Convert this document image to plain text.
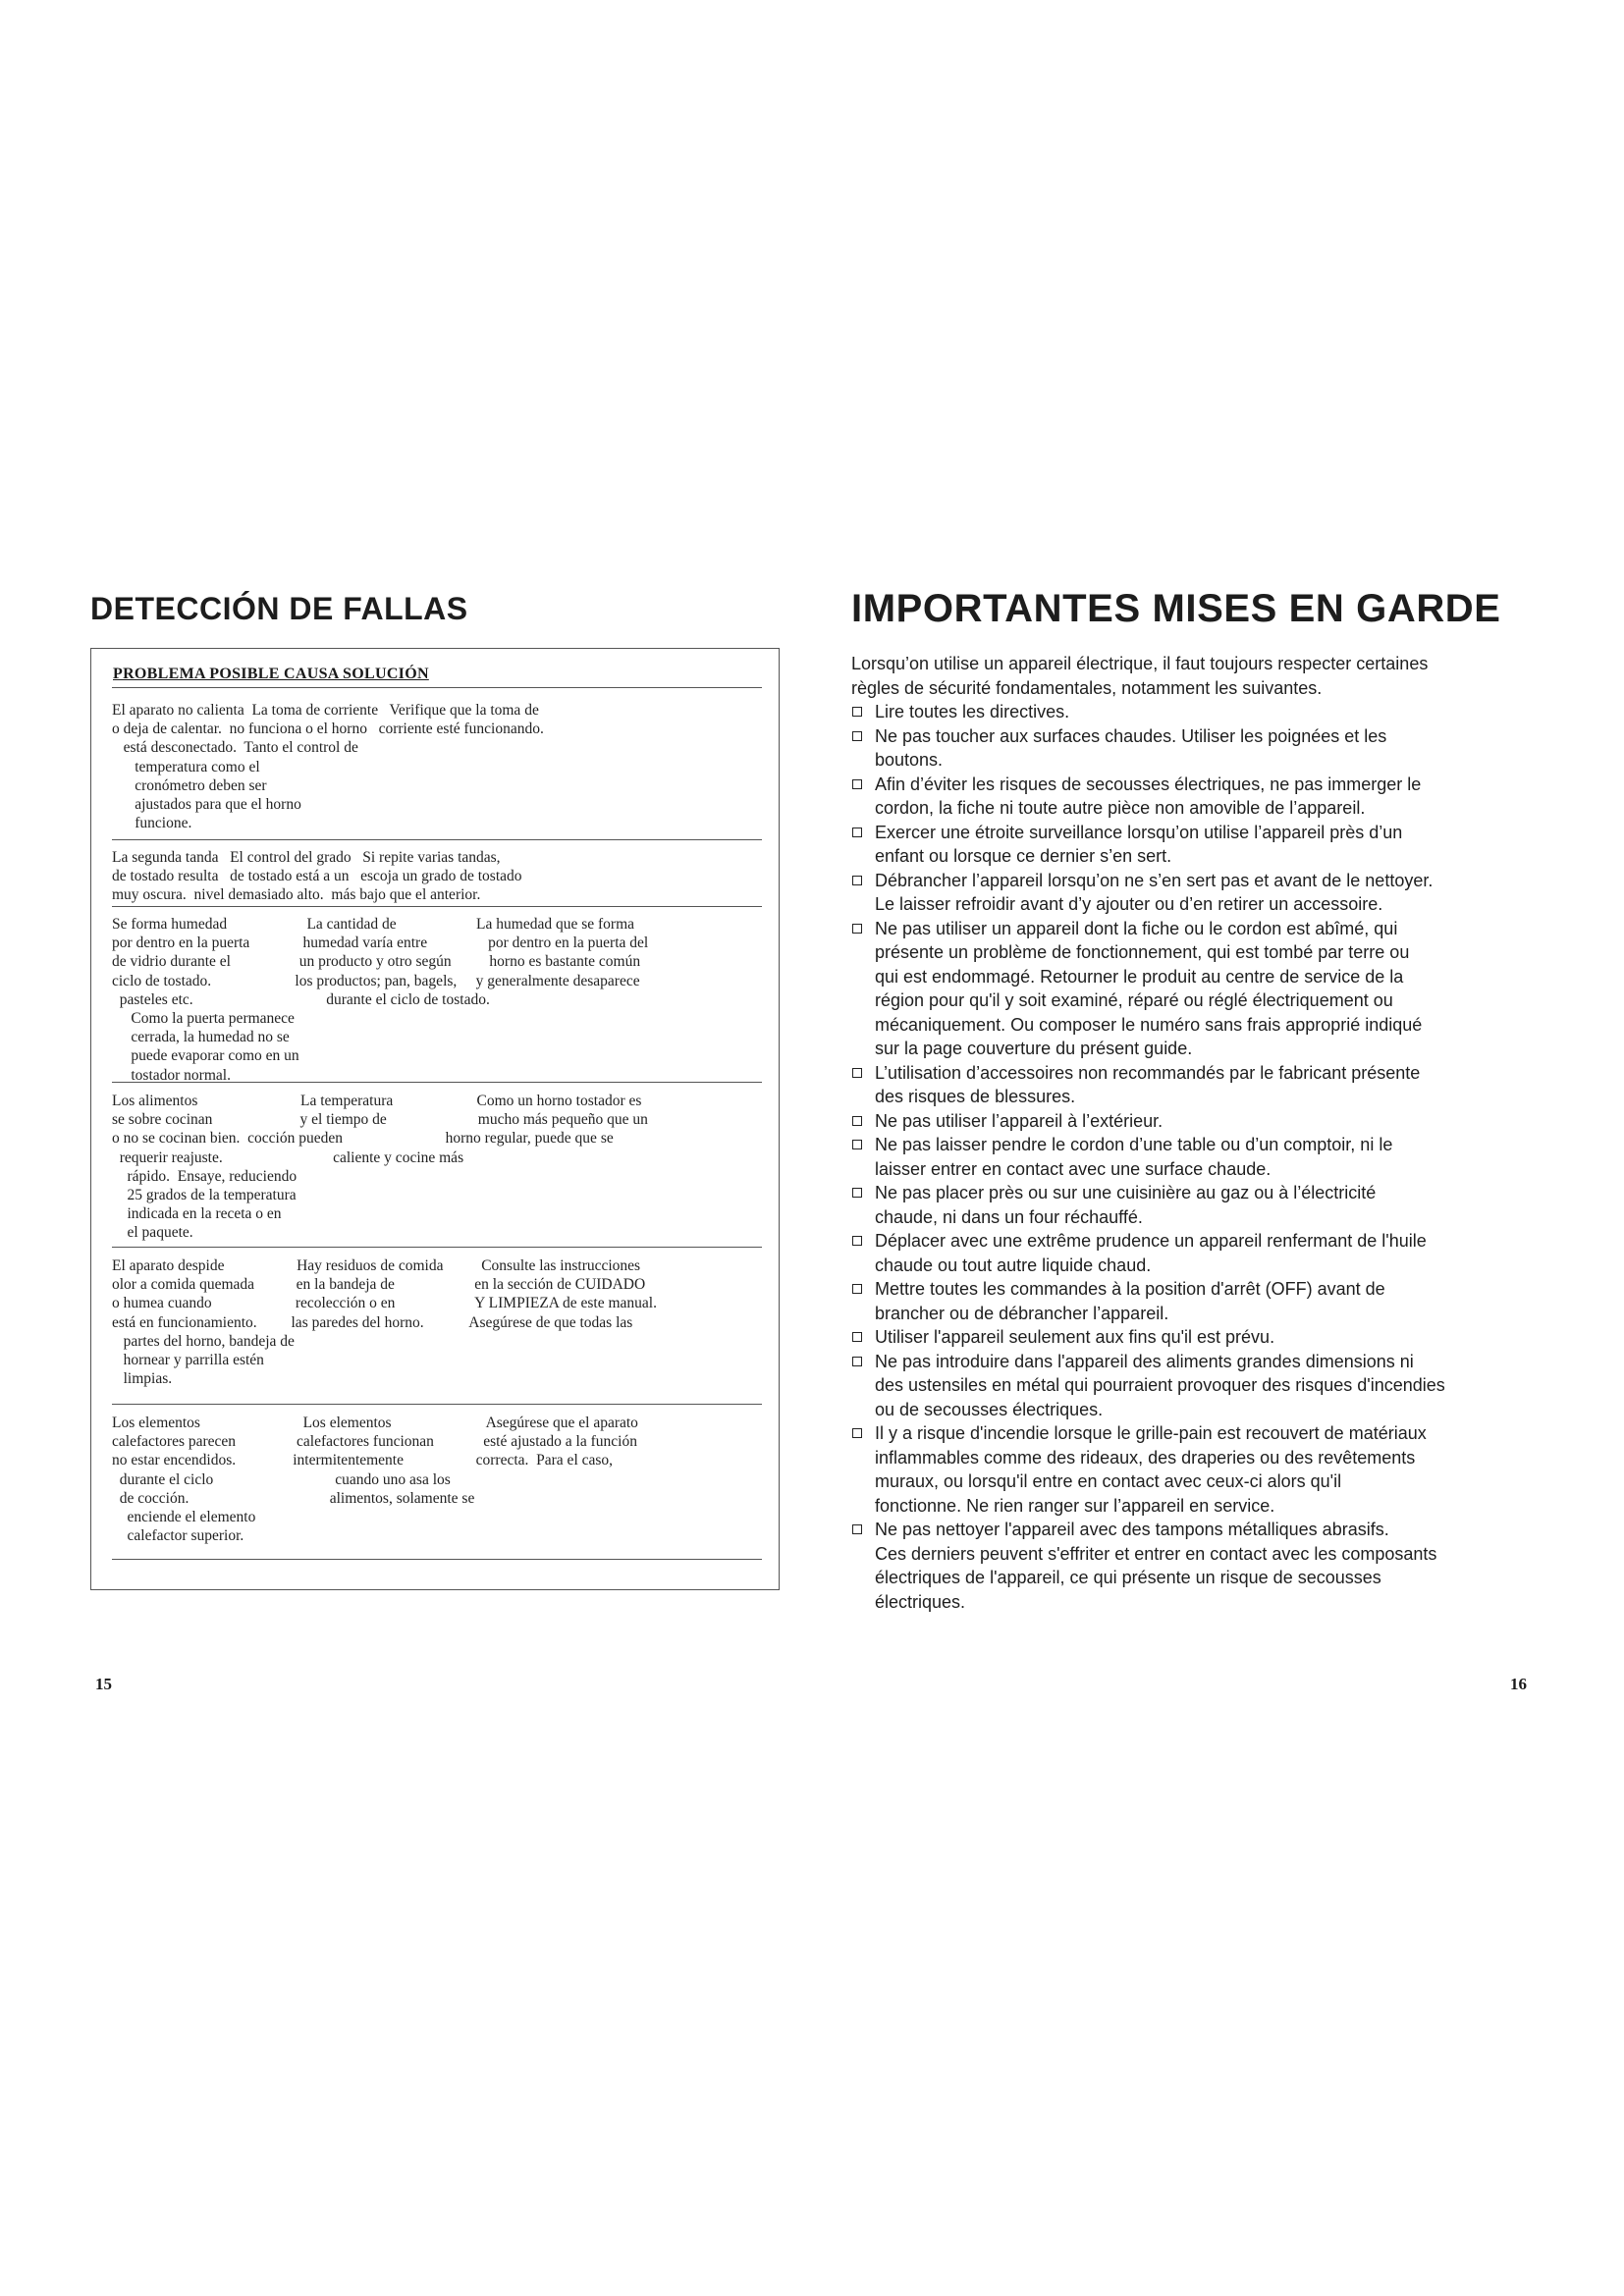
DETECCIÓN DE FALLAS
PROBLEMA POSIBLE CAUSA SOLUCIÓN
El aparato no calienta  La toma de corriente   Verifique que la toma de
o deja de calentar.  no funciona o el horno   corriente esté funcionando.
está desconectado.  Tanto el control de
temperatura como el
cronómetro deben ser
ajustados para que el horno
funcione.
La segunda tanda   El control del grado   Si repite varias tandas,
de tostado resulta   de tostado está a un   escoja un grado de tostado
muy oscura.  nivel demasiado alto.  más bajo que el anterior.
Se forma humedad                     La cantidad de                     La humedad que se forma
por dentro en la puerta              humedad varía entre                por dentro en la puerta del
de vidrio durante el                  un producto y otro según          horno es bastante común
ciclo de tostado.                      los productos; pan, bagels,     y generalmente desaparece
pasteles etc.                                   durante el ciclo de tostado.
Como la puerta permanece
cerrada, la humedad no se
puede evaporar como en un
tostador normal.
Los alimentos                           La temperatura                      Como un horno tostador es
se sobre cocinan                       y el tiempo de                        mucho más pequeño que un
o no se cocinan bien.  cocción pueden                           horno regular, puede que se
requerir reajuste.                             caliente y cocine más
rápido.  Ensaye, reduciendo
25 grados de la temperatura
indicada en la receta o en
el paquete.
El aparato despide                   Hay residuos de comida          Consulte las instrucciones
olor a comida quemada           en la bandeja de                     en la sección de CUIDADO
o humea cuando                      recolección o en                     Y LIMPIEZA de este manual.
está en funcionamiento.         las paredes del horno.            Asegúrese de que todas las
partes del horno, bandeja de
hornear y parrilla estén
limpias.
Los elementos                           Los elementos                         Asegúrese que el aparato
calefactores parecen                calefactores funcionan             esté ajustado a la función
no estar encendidos.               intermitentemente                   correcta.  Para el caso,
durante el ciclo                                cuando uno asa los
de cocción.                                     alimentos, solamente se
enciende el elemento
calefactor superior.
15
IMPORTANTES MISES EN GARDE
Lorsqu’on utilise un appareil électrique, il faut toujours respecter certaines
règles de sécurité fondamentales, notamment les suivantes.
Lire toutes les directives.
Ne pas toucher aux surfaces chaudes. Utiliser les poignées et les
boutons.
Afin d’éviter les risques de secousses électriques, ne pas immerger le
cordon, la fiche ni toute autre pièce non amovible de l’appareil.
Exercer une étroite surveillance lorsqu’on utilise l’appareil près d’un
enfant ou lorsque ce dernier s’en sert.
Débrancher l’appareil lorsqu’on ne s’en sert pas et avant de le nettoyer.
Le laisser refroidir avant d’y ajouter ou d’en retirer un accessoire.
Ne pas utiliser un appareil dont la fiche ou le cordon est abîmé, qui
présente un problème de fonctionnement, qui est tombé par terre ou
qui est endommagé. Retourner le produit au centre de service de la
région pour qu'il y soit examiné, réparé ou réglé électriquement ou
mécaniquement. Ou composer le numéro sans frais approprié indiqué
sur la page couverture du présent guide.
L’utilisation d’accessoires non recommandés par le fabricant présente
des risques de blessures.
Ne pas utiliser l’appareil à l’extérieur.
Ne pas laisser pendre le cordon d’une table ou d’un comptoir, ni le
laisser entrer en contact avec une surface chaude.
Ne pas placer près ou sur une cuisinière au gaz ou à l’électricité
chaude, ni dans un four réchauffé.
Déplacer avec une extrême prudence un appareil renfermant de l'huile
chaude ou tout autre liquide chaud.
Mettre toutes les commandes à la position d'arrêt (OFF) avant de
brancher ou de débrancher l’appareil.
Utiliser l'appareil seulement aux fins qu'il est prévu.
Ne pas introduire dans l'appareil des aliments grandes dimensions ni
des ustensiles en métal qui pourraient provoquer des risques d'incendies
ou de secousses électriques.
Il y a risque d'incendie lorsque le grille-pain est recouvert de matériaux
inflammables comme des rideaux, des draperies ou des revêtements
muraux, ou lorsqu'il entre en contact avec ceux-ci alors qu'il
fonctionne. Ne rien ranger sur l’appareil en service.
Ne pas nettoyer l'appareil avec des tampons métalliques abrasifs.
Ces derniers peuvent s'effriter et entrer en contact avec les composants
électriques de l'appareil, ce qui présente un risque de secousses
électriques.
16
